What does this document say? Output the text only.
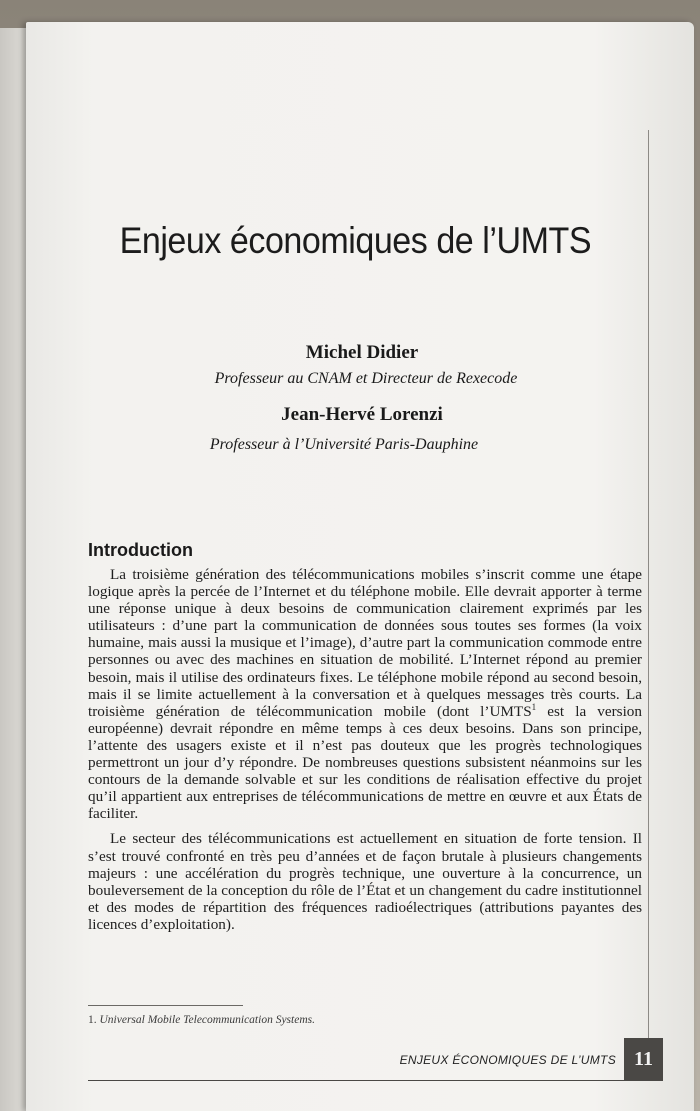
Enjeux économiques de l’UMTS
Michel Didier
Professeur au CNAM et Directeur de Rexecode
Jean-Hervé Lorenzi
Professeur à l’Université Paris-Dauphine
Introduction

La troisième génération des télécommunications mobiles s’inscrit comme une étape logique après la percée de l’Internet et du téléphone mobile. Elle devrait apporter à terme une réponse unique à deux besoins de communication clairement exprimés par les utilisateurs : d’une part la communication de données sous toutes ses formes (la voix humaine, mais aussi la musique et l’image), d’autre part la communication commode entre personnes ou avec des machines en situation de mobilité. L’Internet répond au premier besoin, mais il utilise des ordinateurs fixes. Le téléphone mobile répond au second besoin, mais il se limite actuellement à la conversation et à quelques messages très courts. La troisième génération de télécommunication mobile (dont l’UMTS$^1$ est la version européenne) devrait répondre en même temps à ces deux besoins. Dans son principe, l’attente des usagers existe et il n’est pas douteux que les progrès technologiques permettront un jour d’y répondre. De nombreuses questions subsistent néanmoins sur les contours de la demande solvable et sur les conditions de réalisation effective du projet qu’il appartient aux entreprises de télécommunications de mettre en œuvre et aux États de faciliter.

Le secteur des télécommunications est actuellement en situation de forte tension. Il s’est trouvé confronté en très peu d’années et de façon brutale à plusieurs changements majeurs : une accélération du progrès technique, une ouverture à la concurrence, un bouleversement de la conception du rôle de l’État et un changement du cadre institutionnel et des modes de répartition des fréquences radioélectriques (attributions payantes des licences d’exploitation).

1. Universal Mobile Telecommunication Systems.
ENJEUX ÉCONOMIQUES DE L’UMTS 11
